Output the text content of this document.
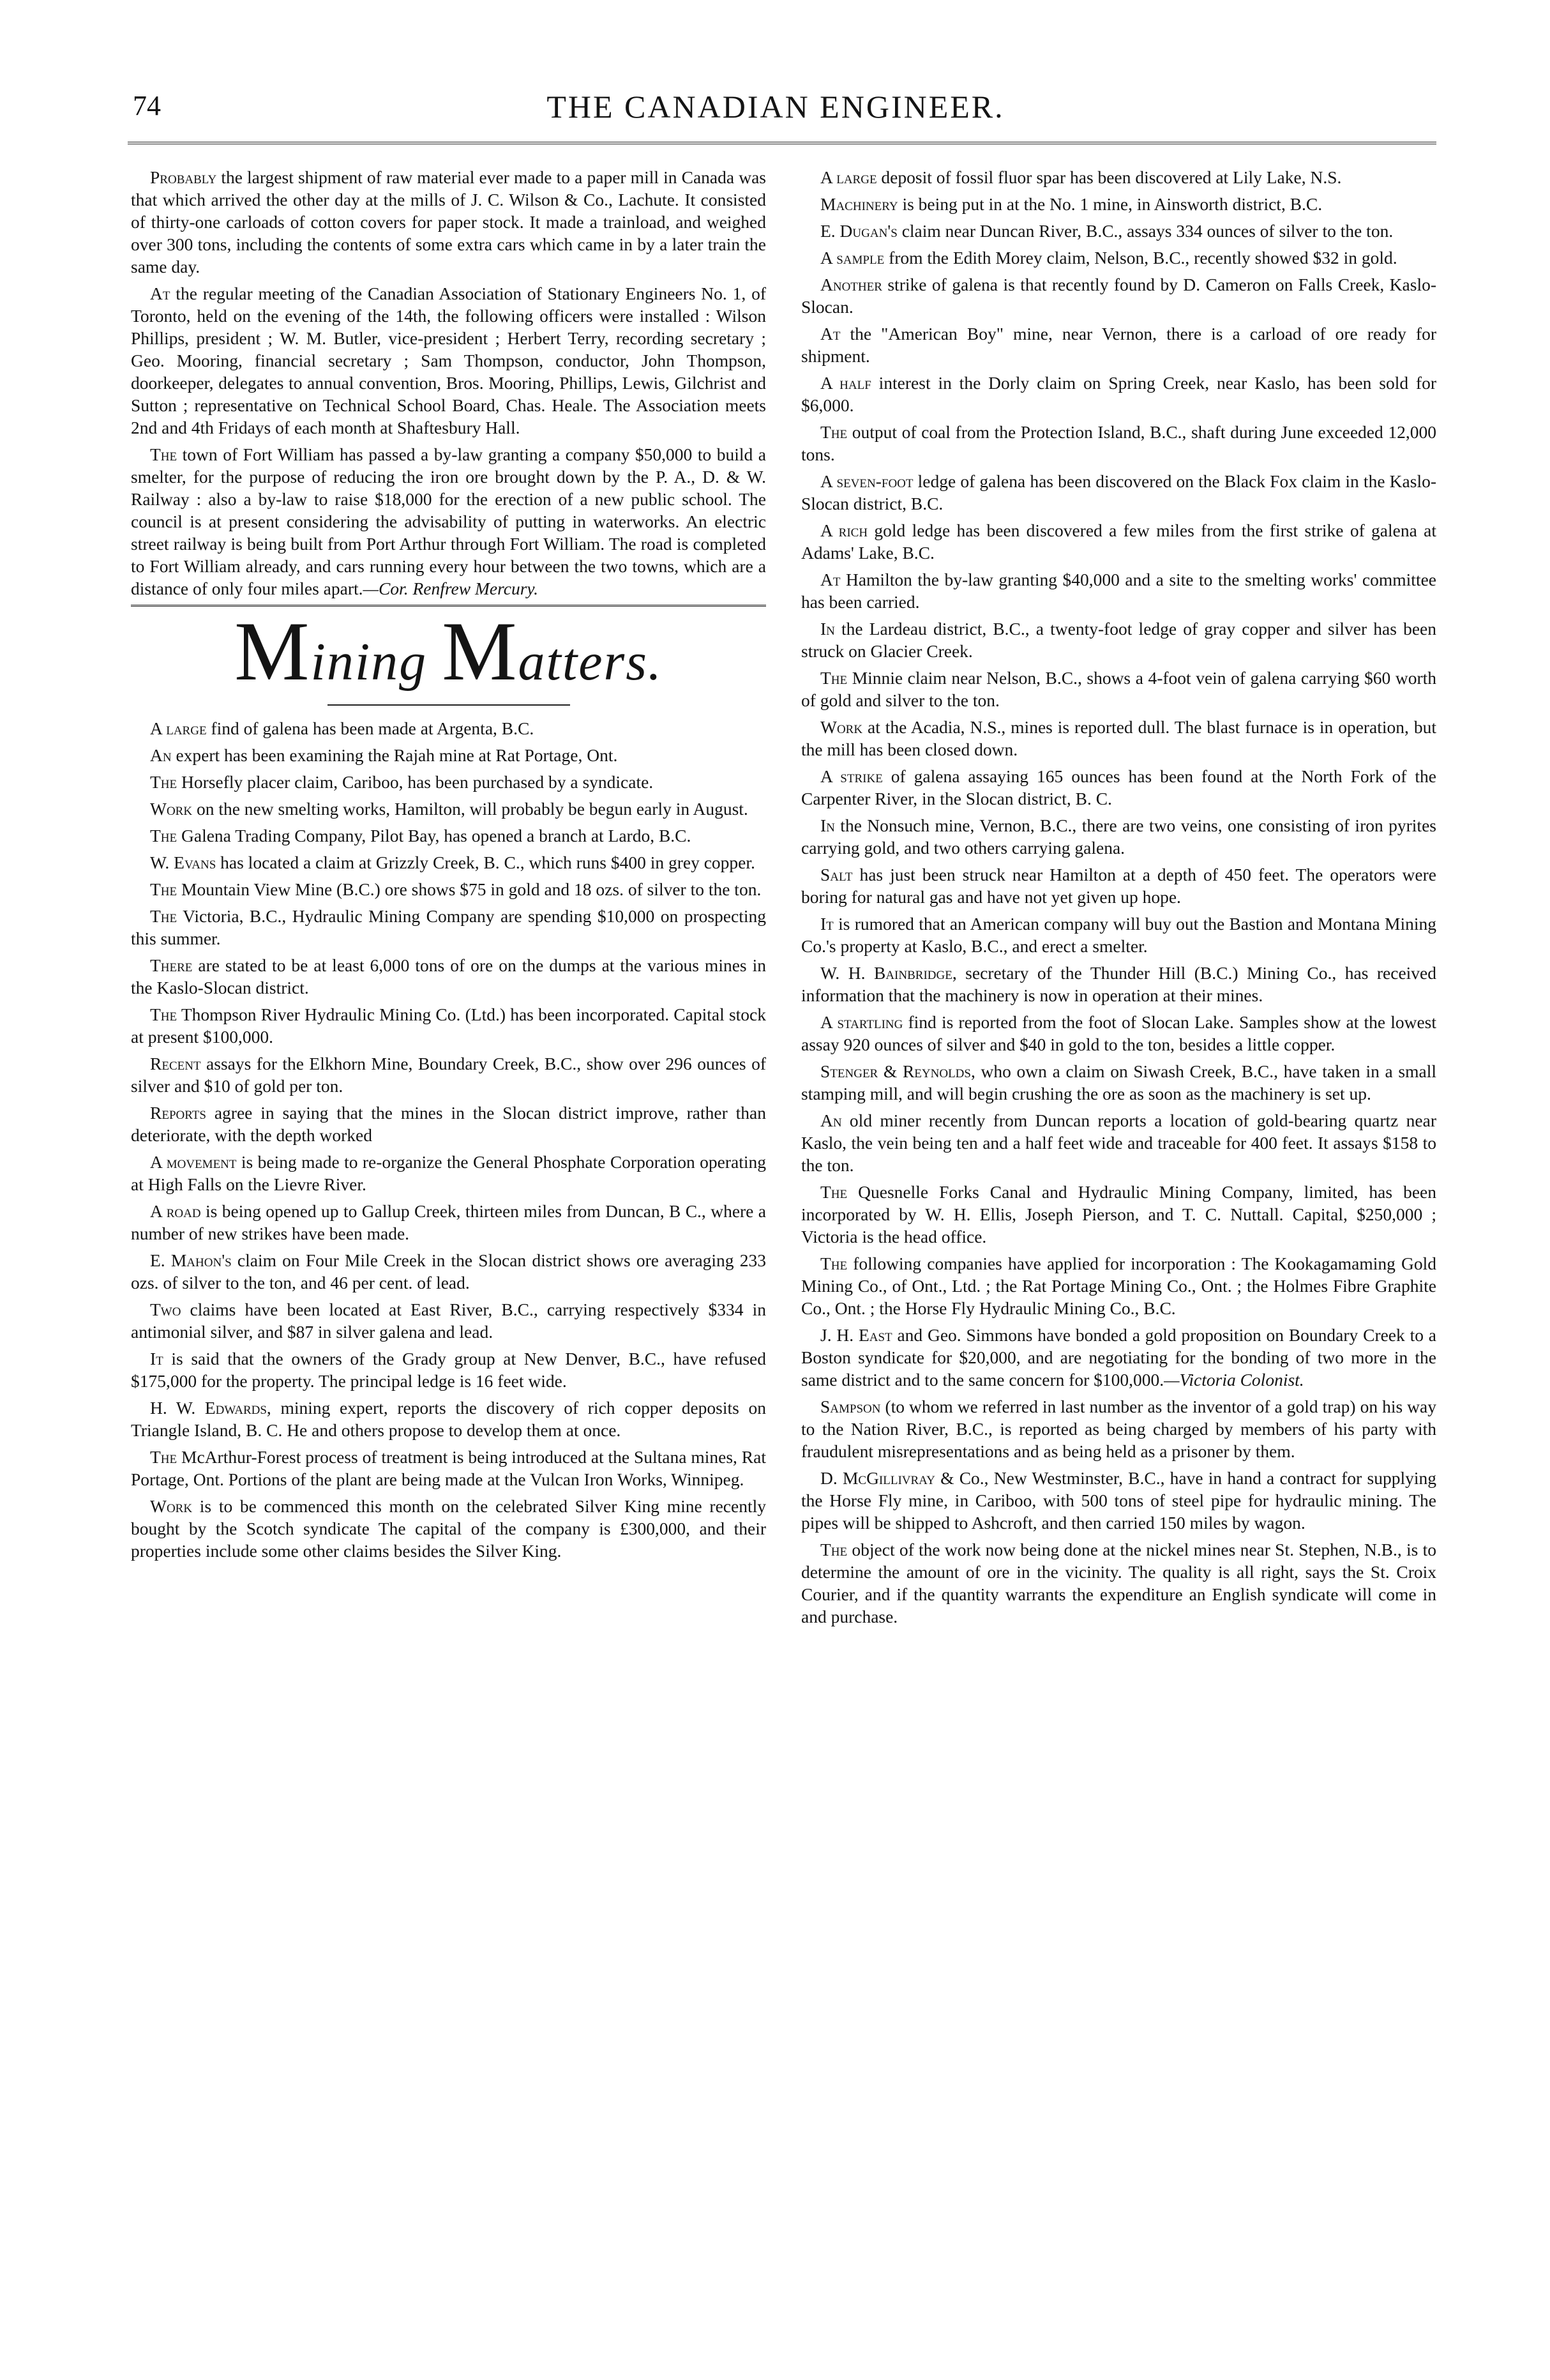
74	THE CANADIAN ENGINEER.

Probably the largest shipment of raw material ever made to a paper mill in Canada was that which arrived the other day at the mills of J. C. Wilson & Co., Lachute. It consisted of thirty-one carloads of cotton covers for paper stock. It made a trainload, and weighed over 300 tons, including the contents of some extra cars which came in by a later train the same day.

At the regular meeting of the Canadian Association of Stationary Engineers No. 1, of Toronto, held on the evening of the 14th, the following officers were installed : Wilson Phillips, president ; W. M. Butler, vice-president ; Herbert Terry, recording secretary ; Geo. Mooring, financial secretary ; Sam Thompson, conductor, John Thompson, doorkeeper, delegates to annual convention, Bros. Mooring, Phillips, Lewis, Gilchrist and Sutton ; representative on Technical School Board, Chas. Heale. The Association meets 2nd and 4th Fridays of each month at Shaftesbury Hall.

The town of Fort William has passed a by-law granting a company $50,000 to build a smelter, for the purpose of reducing the iron ore brought down by the P. A., D. & W. Railway : also a by-law to raise $18,000 for the erection of a new public school. The council is at present considering the advisability of putting in waterworks. An electric street railway is being built from Port Arthur through Fort William. The road is completed to Fort William already, and cars running every hour between the two towns, which are a distance of only four miles apart.—Cor. Renfrew Mercury.

Mining Matters.

A large find of galena has been made at Argenta, B.C.

An expert has been examining the Rajah mine at Rat Portage, Ont.

The Horsefly placer claim, Cariboo, has been purchased by a syndicate.

Work on the new smelting works, Hamilton, will probably be begun early in August.

The Galena Trading Company, Pilot Bay, has opened a branch at Lardo, B.C.

W. Evans has located a claim at Grizzly Creek, B. C., which runs $400 in grey copper.

The Mountain View Mine (B.C.) ore shows $75 in gold and 18 ozs. of silver to the ton.

The Victoria, B.C., Hydraulic Mining Company are spending $10,000 on prospecting this summer.

There are stated to be at least 6,000 tons of ore on the dumps at the various mines in the Kaslo-Slocan district.

The Thompson River Hydraulic Mining Co. (Ltd.) has been incorporated. Capital stock at present $100,000.

Recent assays for the Elkhorn Mine, Boundary Creek, B.C., show over 296 ounces of silver and $10 of gold per ton.

Reports agree in saying that the mines in the Slocan district improve, rather than deteriorate, with the depth worked

A movement is being made to re-organize the General Phosphate Corporation operating at High Falls on the Lievre River.

A road is being opened up to Gallup Creek, thirteen miles from Duncan, B C., where a number of new strikes have been made.

E. Mahon's claim on Four Mile Creek in the Slocan district shows ore averaging 233 ozs. of silver to the ton, and 46 per cent. of lead.

Two claims have been located at East River, B.C., carrying respectively $334 in antimonial silver, and $87 in silver galena and lead.

It is said that the owners of the Grady group at New Denver, B.C., have refused $175,000 for the property. The principal ledge is 16 feet wide.

H. W. Edwards, mining expert, reports the discovery of rich copper deposits on Triangle Island, B. C. He and others propose to develop them at once.

The McArthur-Forest process of treatment is being introduced at the Sultana mines, Rat Portage, Ont. Portions of the plant are being made at the Vulcan Iron Works, Winnipeg.

Work is to be commenced this month on the celebrated Silver King mine recently bought by the Scotch syndicate The capital of the company is £300,000, and their properties include some other claims besides the Silver King.

A large deposit of fossil fluor spar has been discovered at Lily Lake, N.S.

Machinery is being put in at the No. 1 mine, in Ainsworth district, B.C.

E. Dugan's claim near Duncan River, B.C., assays 334 ounces of silver to the ton.

A sample from the Edith Morey claim, Nelson, B.C., recently showed $32 in gold.

Another strike of galena is that recently found by D. Cameron on Falls Creek, Kaslo-Slocan.

At the "American Boy" mine, near Vernon, there is a carload of ore ready for shipment.

A half interest in the Dorly claim on Spring Creek, near Kaslo, has been sold for $6,000.

The output of coal from the Protection Island, B.C., shaft during June exceeded 12,000 tons.

A seven-foot ledge of galena has been discovered on the Black Fox claim in the Kaslo-Slocan district, B.C.

A rich gold ledge has been discovered a few miles from the first strike of galena at Adams' Lake, B.C.

At Hamilton the by-law granting $40,000 and a site to the smelting works' committee has been carried.

In the Lardeau district, B.C., a twenty-foot ledge of gray copper and silver has been struck on Glacier Creek.

The Minnie claim near Nelson, B.C., shows a 4-foot vein of galena carrying $60 worth of gold and silver to the ton.

Work at the Acadia, N.S., mines is reported dull. The blast furnace is in operation, but the mill has been closed down.

A strike of galena assaying 165 ounces has been found at the North Fork of the Carpenter River, in the Slocan district, B. C.

In the Nonsuch mine, Vernon, B.C., there are two veins, one consisting of iron pyrites carrying gold, and two others carrying galena.

Salt has just been struck near Hamilton at a depth of 450 feet. The operators were boring for natural gas and have not yet given up hope.

It is rumored that an American company will buy out the Bastion and Montana Mining Co.'s property at Kaslo, B.C., and erect a smelter.

W. H. Bainbridge, secretary of the Thunder Hill (B.C.) Mining Co., has received information that the machinery is now in operation at their mines.

A startling find is reported from the foot of Slocan Lake. Samples show at the lowest assay 920 ounces of silver and $40 in gold to the ton, besides a little copper.

Stenger & Reynolds, who own a claim on Siwash Creek, B.C., have taken in a small stamping mill, and will begin crushing the ore as soon as the machinery is set up.

An old miner recently from Duncan reports a location of gold-bearing quartz near Kaslo, the vein being ten and a half feet wide and traceable for 400 feet. It assays $158 to the ton.

The Quesnelle Forks Canal and Hydraulic Mining Company, limited, has been incorporated by W. H. Ellis, Joseph Pierson, and T. C. Nuttall. Capital, $250,000 ; Victoria is the head office.

The following companies have applied for incorporation : The Kookagamaming Gold Mining Co., of Ont., Ltd. ; the Rat Portage Mining Co., Ont. ; the Holmes Fibre Graphite Co., Ont. ; the Horse Fly Hydraulic Mining Co., B.C.

J. H. East and Geo. Simmons have bonded a gold proposition on Boundary Creek to a Boston syndicate for $20,000, and are negotiating for the bonding of two more in the same district and to the same concern for $100,000.—Victoria Colonist.

Sampson (to whom we referred in last number as the inventor of a gold trap) on his way to the Nation River, B.C., is reported as being charged by members of his party with fraudulent misrepresentations and as being held as a prisoner by them.

D. McGillivray & Co., New Westminster, B.C., have in hand a contract for supplying the Horse Fly mine, in Cariboo, with 500 tons of steel pipe for hydraulic mining. The pipes will be shipped to Ashcroft, and then carried 150 miles by wagon.

The object of the work now being done at the nickel mines near St. Stephen, N.B., is to determine the amount of ore in the vicinity. The quality is all right, says the St. Croix Courier, and if the quantity warrants the expenditure an English syndicate will come in and purchase.
